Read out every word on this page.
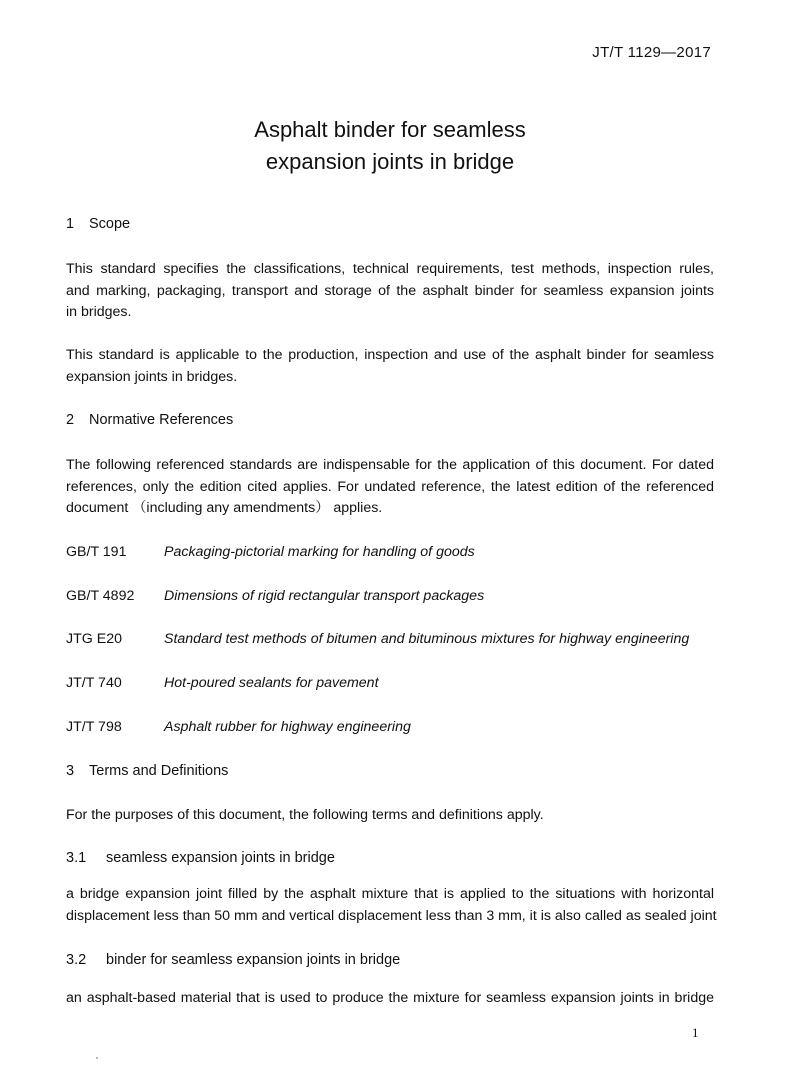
JT/T 1129—2017
Asphalt binder for seamless
expansion joints in bridge
1 Scope
This standard specifies the classifications, technical requirements, test methods, inspection rules,
and marking, packaging, transport and storage of the asphalt binder for seamless expansion joints
in bridges.
This standard is applicable to the production, inspection and use of the asphalt binder for seamless
expansion joints in bridges.
2 Normative References
The following referenced standards are indispensable for the application of this document. For dated
references, only the edition cited applies. For undated reference, the latest edition of the referenced
document （including any amendments） applies.
GB/T 191	Packaging-pictorial marking for handling of goods
GB/T 4892 Dimensions of rigid rectangular transport packages
JTG E20	Standard test methods of bitumen and bituminous mixtures for highway engineering
JT/T 740	Hot-poured sealants for pavement
JT/T 798	Asphalt rubber for highway engineering
3 Terms and Definitions
For the purposes of this document, the following terms and definitions apply.
3.1 seamless expansion joints in bridge
a bridge expansion joint filled by the asphalt mixture that is applied to the situations with horizontal
displacement less than 50 mm and vertical displacement less than 3 mm, it is also called as sealed joint
3.2 binder for seamless expansion joints in bridge
an asphalt-based material that is used to produce the mixture for seamless expansion joints in bridge
1
